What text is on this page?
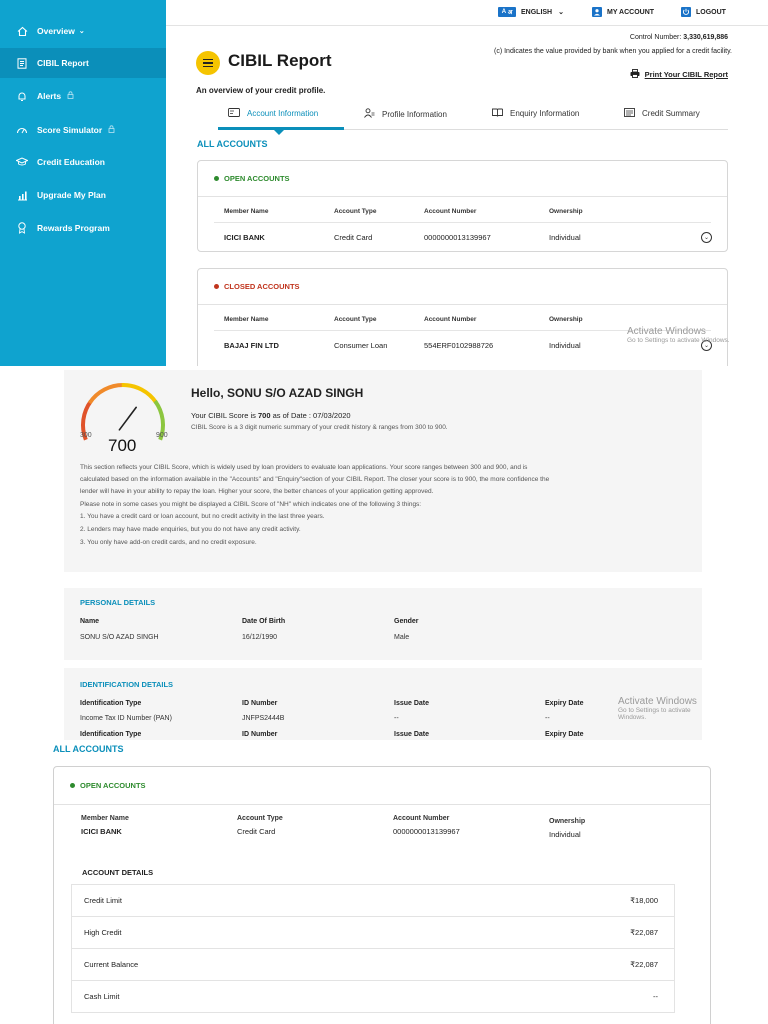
Overview ⌄
CIBIL Report
Alerts
Score Simulator
Credit Education
Upgrade My Plan
Rewards Program
A अ	ENGLISH ⌄	MY ACCOUNT	LOGOUT
Control Number: 3,330,619,886
(c) Indicates the value provided by bank when you applied for a credit facility.
Print Your CIBIL Report
CIBIL Report
An overview of your credit profile.
Account Information	Profile Information	Enquiry Information	Credit Summary
ALL ACCOUNTS
OPEN ACCOUNTS
Member Name	Account Type	Account Number	Ownership
ICICI BANK	Credit Card	0000000013139967	Individual	⌄
CLOSED ACCOUNTS
Member Name	Account Type	Account Number	Ownership
BAJAJ FIN LTD	Consumer Loan	554ERF0102988726	Individual	⌄
Activate Windows
Go to Settings to activate Windows.
300	900
700
Hello, SONU S/O AZAD SINGH
Your CIBIL Score is 700 as of Date : 07/03/2020
CIBIL Score is a 3 digit numeric summary of your credit history & ranges from 300 to 900.
This section reflects your CIBIL Score, which is widely used by loan providers to evaluate loan applications. Your score ranges between 300 and 900, and is
calculated based on the information available in the "Accounts" and "Enquiry"section of your CIBIL Report. The closer your score is to 900, the more confidence the
lender will have in your ability to repay the loan. Higher your score, the better chances of your application getting approved.
Please note in some cases you might be displayed a CIBIL Score of "NH" which indicates one of the following 3 things:
1. You have a credit card or loan account, but no credit activity in the last three years.
2. Lenders may have made enquiries, but you do not have any credit activity.
3. You only have add-on credit cards, and no credit exposure.
PERSONAL DETAILS
Name
SONU S/O AZAD SINGH
Date Of Birth
16/12/1990
Gender
Male
IDENTIFICATION DETAILS
Identification Type	ID Number	Issue Date	Expiry Date
Income Tax ID Number (PAN)	JNFPS2444B	--	--
Identification Type	ID Number	Issue Date	Expiry Date
Activate Windows
Go to Settings to activate Windows.
ALL ACCOUNTS
OPEN ACCOUNTS
Member Name	Account Type	Account Number	Ownership
ICICI BANK	Credit Card	0000000013139967	Individual
ACCOUNT DETAILS
Credit Limit	₹18,000
High Credit	₹22,087
Current Balance	₹22,087
Cash Limit	--
